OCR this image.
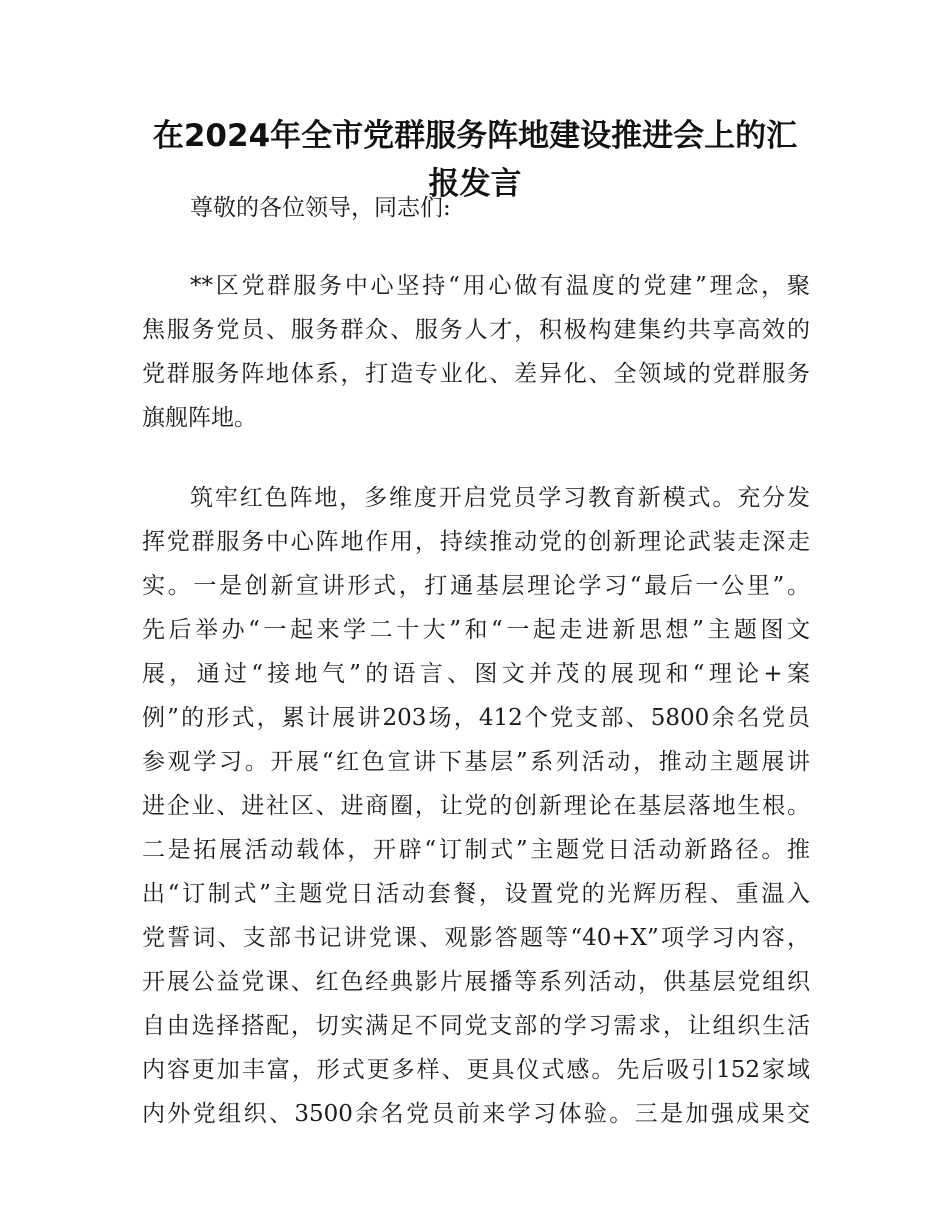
在2024年全市党群服务阵地建设推进会上的汇
报发言
尊敬的各位领导，同志们:
**区党群服务中心坚持“用心做有温度的党建”理念，聚
焦服务党员、服务群众、服务人才，积极构建集约共享高效的
党群服务阵地体系，打造专业化、差异化、全领域的党群服务
旗舰阵地。
筑牢红色阵地，多维度开启党员学习教育新模式。充分发
挥党群服务中心阵地作用，持续推动党的创新理论武装走深走
实。一是创新宣讲形式，打通基层理论学习“最后一公里”。
先后举办“一起来学二十大”和“一起走进新思想”主题图文
展，通过“接地气”的语言、图文并茂的展现和“理论+案
例”的形式，累计展讲203场，412个党支部、5800余名党员
参观学习。开展“红色宣讲下基层”系列活动，推动主题展讲
进企业、进社区、进商圈，让党的创新理论在基层落地生根。
二是拓展活动载体，开辟“订制式”主题党日活动新路径。推
出“订制式”主题党日活动套餐，设置党的光辉历程、重温入
党誓词、支部书记讲党课、观影答题等“40+X”项学习内容，
开展公益党课、红色经典影片展播等系列活动，供基层党组织
自由选择搭配，切实满足不同党支部的学习需求，让组织生活
内容更加丰富，形式更多样、更具仪式感。先后吸引152家域
内外党组织、3500余名党员前来学习体验。三是加强成果交
